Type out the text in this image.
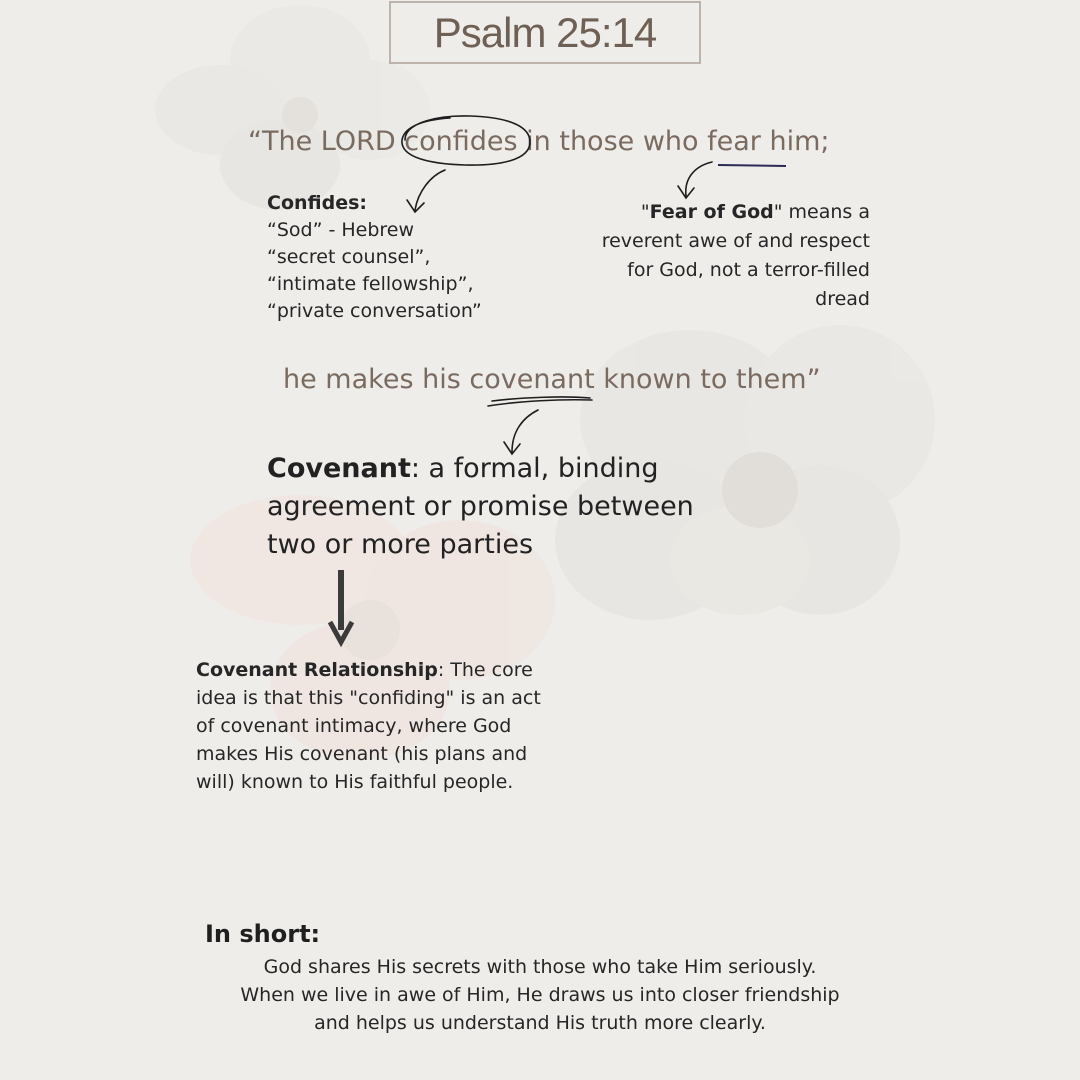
Psalm 25:14
“The LORD confides in those who fear him;
he makes his covenant known to them”
Confides:
“Sod” - Hebrew
“secret counsel”,
“intimate fellowship”,
“private conversation”
"Fear of God" means a reverent awe of and respect for God, not a terror-filled dread
Covenant: a formal, binding agreement or promise between two or more parties
Covenant Relationship: The core idea is that this "confiding" is an act of covenant intimacy, where God makes His covenant (his plans and will) known to His faithful people.
In short:
God shares His secrets with those who take Him seriously.
When we live in awe of Him, He draws us into closer friendship
and helps us understand His truth more clearly.
